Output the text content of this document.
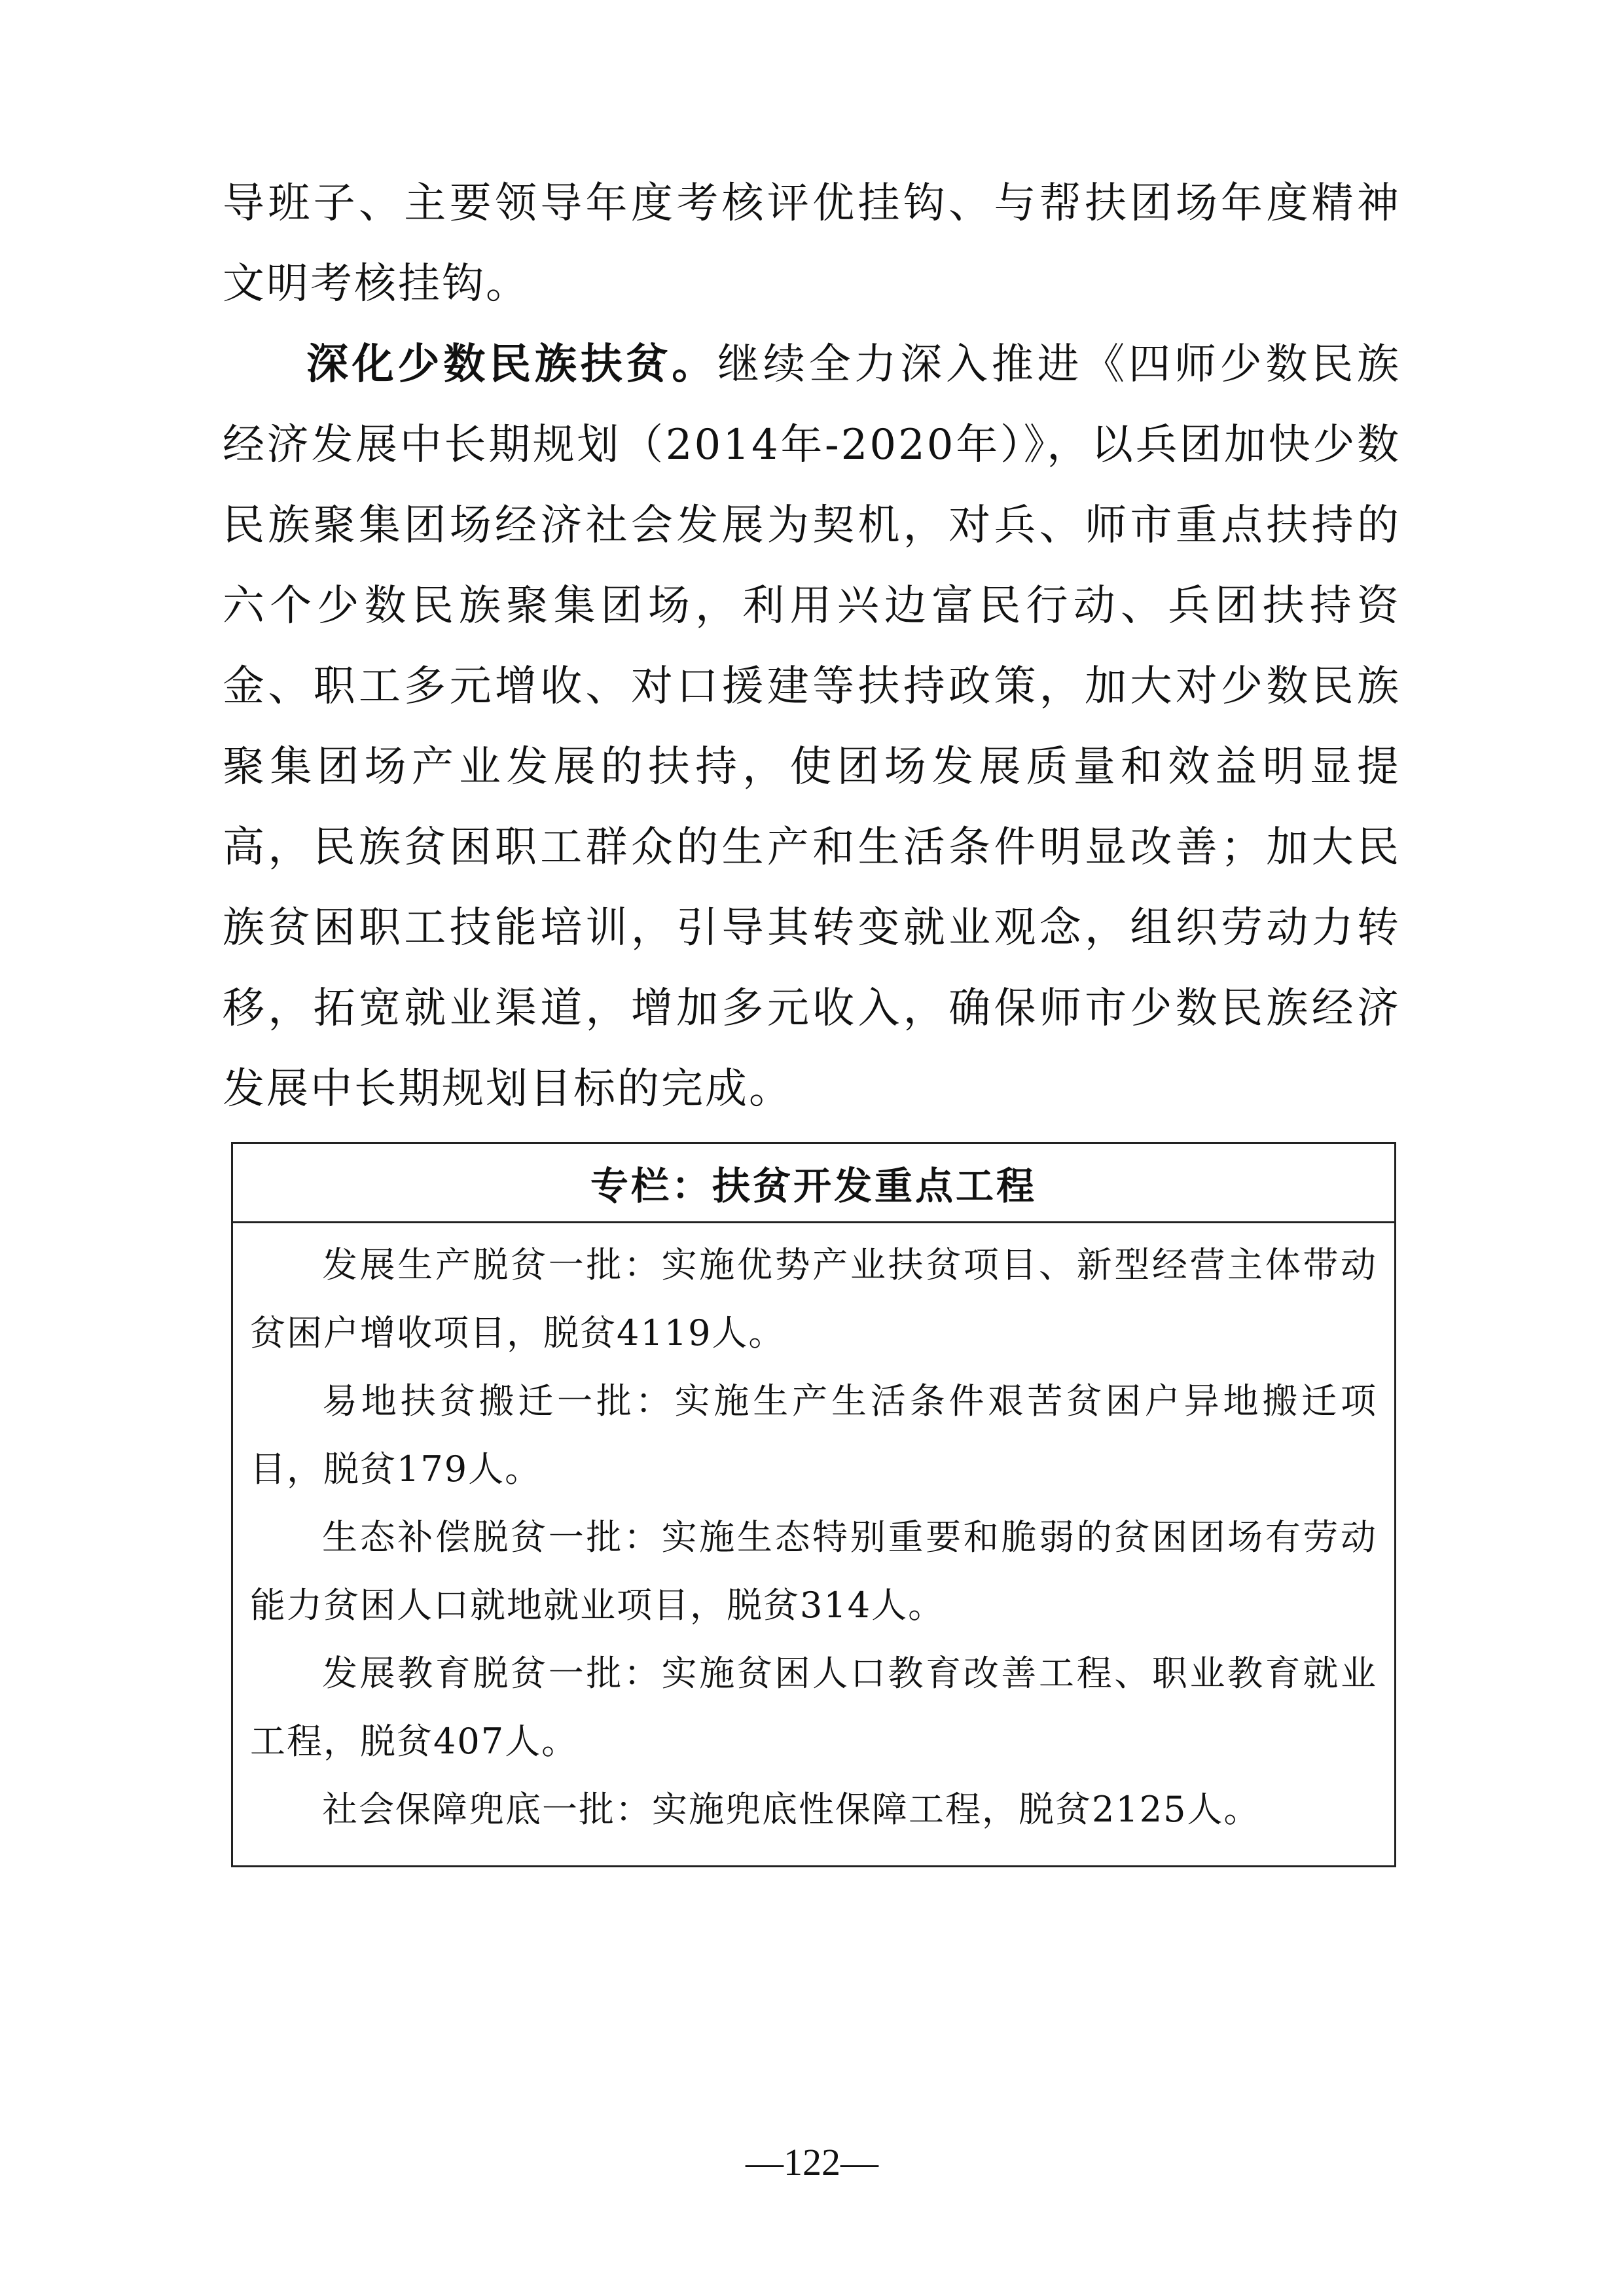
导班子、主要领导年度考核评优挂钩、与帮扶团场年度精神文明考核挂钩。
深化少数民族扶贫。继续全力深入推进《四师少数民族经济发展中长期规划（2014年-2020年）》，以兵团加快少数民族聚集团场经济社会发展为契机，对兵、师市重点扶持的六个少数民族聚集团场，利用兴边富民行动、兵团扶持资金、职工多元增收、对口援建等扶持政策，加大对少数民族聚集团场产业发展的扶持，使团场发展质量和效益明显提高，民族贫困职工群众的生产和生活条件明显改善；加大民族贫困职工技能培训，引导其转变就业观念，组织劳动力转移，拓宽就业渠道，增加多元收入，确保师市少数民族经济发展中长期规划目标的完成。
专栏：扶贫开发重点工程

发展生产脱贫一批：实施优势产业扶贫项目、新型经营主体带动贫困户增收项目，脱贫4119人。

易地扶贫搬迁一批：实施生产生活条件艰苦贫困户异地搬迁项目，脱贫179人。

生态补偿脱贫一批：实施生态特别重要和脆弱的贫困团场有劳动能力贫困人口就地就业项目，脱贫314人。

发展教育脱贫一批：实施贫困人口教育改善工程、职业教育就业工程，脱贫407人。

社会保障兜底一批：实施兜底性保障工程，脱贫2125人。

—122—
